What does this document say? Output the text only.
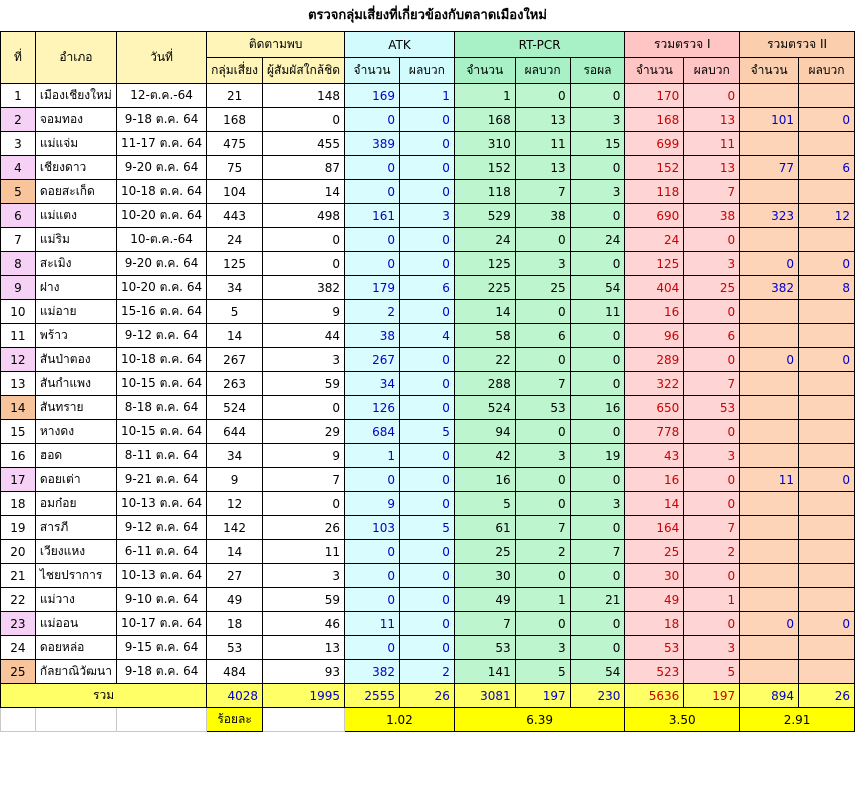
ตรวจกลุ่มเสี่ยงที่เกี่ยวข้องกับตลาดเมืองใหม่
ที่	อำเภอ	วันที่	ติดตามพบ		ATK		RT-PCR			รวมตรวจ I		รวมตรวจ II	
			กลุ่มเสี่ยง	ผู้สัมผัสใกล้ชิด	จำนวน	ผลบวก	จำนวน	ผลบวก	รอผล	จำนวน	ผลบวก	จำนวน	ผลบวก
1	เมืองเชียงใหม่	12-ต.ค.-64	21	148	169	1	1	0	0	170	0		
2	จอมทอง	9-18 ต.ค. 64	168	0	0	0	168	13	3	168	13	101	0
3	แม่แจ่ม	11-17 ต.ค. 64	475	455	389	0	310	11	15	699	11		
4	เชียงดาว	9-20 ต.ค. 64	75	87	0	0	152	13	0	152	13	77	6
5	ดอยสะเก็ด	10-18 ต.ค. 64	104	14	0	0	118	7	3	118	7		
6	แม่แตง	10-20 ต.ค. 64	443	498	161	3	529	38	0	690	38	323	12
7	แม่ริม	10-ต.ค.-64	24	0	0	0	24	0	24	24	0		
8	สะเมิง	9-20 ต.ค. 64	125	0	0	0	125	3	0	125	3	0	0
9	ฝาง	10-20 ต.ค. 64	34	382	179	6	225	25	54	404	25	382	8
10	แม่อาย	15-16 ต.ค. 64	5	9	2	0	14	0	11	16	0		
11	พร้าว	9-12 ต.ค. 64	14	44	38	4	58	6	0	96	6		
12	สันป่าตอง	10-18 ต.ค. 64	267	3	267	0	22	0	0	289	0	0	0
13	สันกำแพง	10-15 ต.ค. 64	263	59	34	0	288	7	0	322	7		
14	สันทราย	8-18 ต.ค. 64	524	0	126	0	524	53	16	650	53		
15	หางดง	10-15 ต.ค. 64	644	29	684	5	94	0	0	778	0		
16	ฮอด	8-11 ต.ค. 64	34	9	1	0	42	3	19	43	3		
17	ดอยเต่า	9-21 ต.ค. 64	9	7	0	0	16	0	0	16	0	11	0
18	อมก๋อย	10-13 ต.ค. 64	12	0	9	0	5	0	3	14	0		
19	สารภี	9-12 ต.ค. 64	142	26	103	5	61	7	0	164	7		
20	เวียงแหง	6-11 ต.ค. 64	14	11	0	0	25	2	7	25	2		
21	ไชยปราการ	10-13 ต.ค. 64	27	3	0	0	30	0	0	30	0		
22	แม่วาง	9-10 ต.ค. 64	49	59	0	0	49	1	21	49	1		
23	แม่ออน	10-17 ต.ค. 64	18	46	11	0	7	0	0	18	0	0	0
24	ดอยหล่อ	9-15 ต.ค. 64	53	13	0	0	53	3	0	53	3		
25	กัลยาณิวัฒนา	9-18 ต.ค. 64	484	93	382	2	141	5	54	523	5		
รวม			4028	1995	2555	26	3081	197	230	5636	197	894	26
			ร้อยละ		1.02		6.39			3.50		2.91	
